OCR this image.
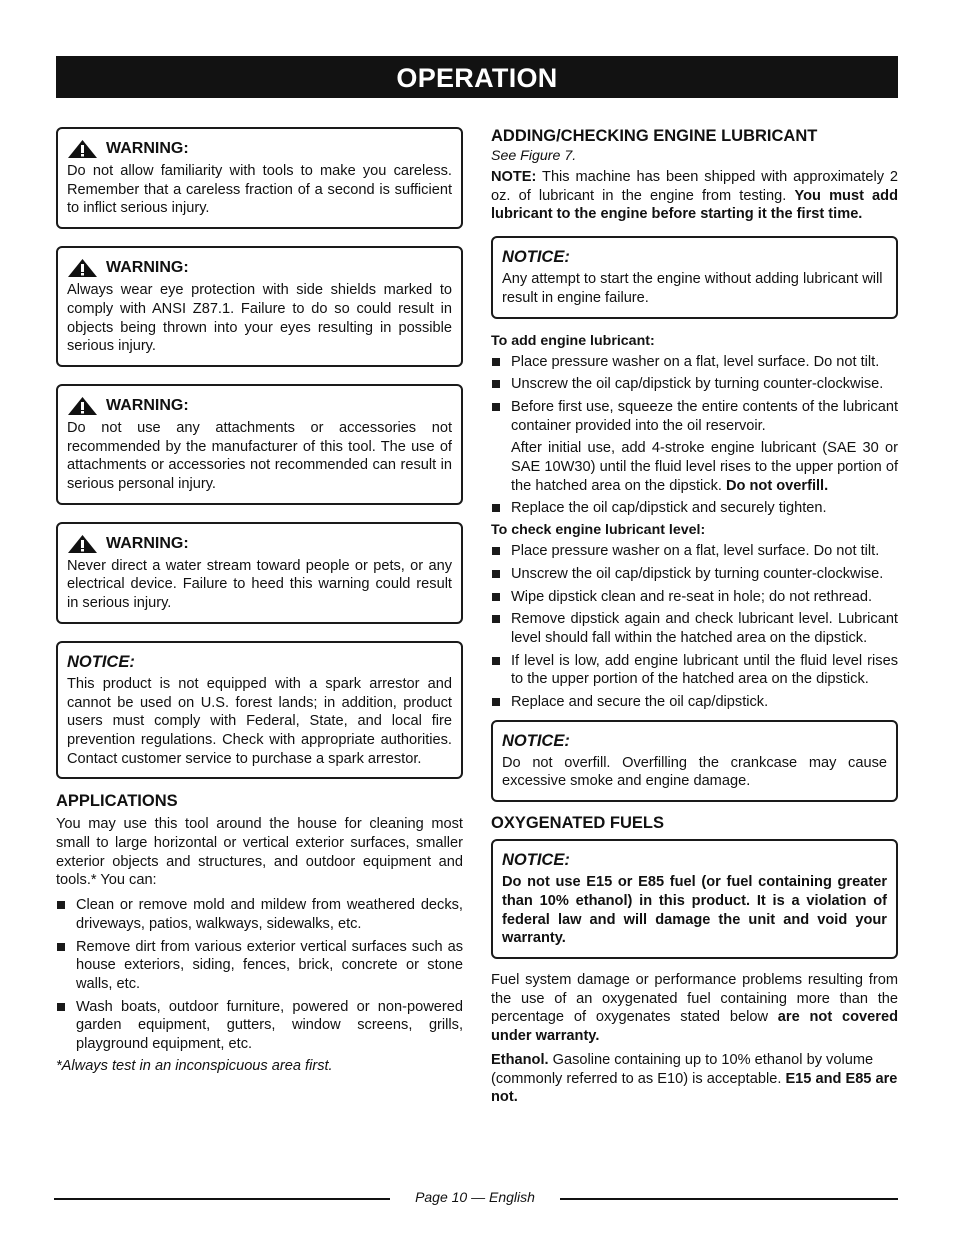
OPERATION
WARNING:

Do not allow familiarity with tools to make you careless. Remember that a careless fraction of a second is sufficient to inflict serious injury.

WARNING:

Always wear eye protection with side shields marked to comply with ANSI Z87.1. Failure to do so could result in objects being thrown into your eyes resulting in possible serious injury.

WARNING:

Do not use any attachments or accessories not recommended by the manufacturer of this tool. The use of attachments or accessories not recommended can result in serious personal injury.

WARNING:

Never direct a water stream toward people or pets, or any electrical device. Failure to heed this warning could result in serious injury.

NOTICE:

This product is not equipped with a spark arrestor and cannot be used on U.S. forest lands; in addition, product users must comply with Federal, State, and local fire prevention regulations. Check with appropriate authorities. Contact customer service to purchase a spark arrestor.

APPLICATIONS

You may use this tool around the house for cleaning most small to large horizontal or vertical exterior surfaces, smaller exterior objects and structures, and outdoor equipment and tools.* You can:

Clean or remove mold and mildew from weathered decks, driveways, patios, walkways, sidewalks, etc.
Remove dirt from various exterior vertical surfaces such as house exteriors, siding, fences, brick, concrete or stone walls, etc.
Wash boats, outdoor furniture, powered or non-powered garden equipment, gutters, window screens, grills, playground equipment, etc.

*Always test in an inconspicuous area first.

ADDING/CHECKING ENGINE LUBRICANT

See Figure 7.

NOTE: This machine has been shipped with approximately 2 oz. of lubricant in the engine from testing. You must add lubricant to the engine before starting it the first time.

NOTICE:

Any attempt to start the engine without adding lubricant will result in engine failure.

To add engine lubricant:

Place pressure washer on a flat, level surface. Do not tilt.
Unscrew the oil cap/dipstick by turning counter-clockwise.
Before first use, squeeze the entire contents of the lubricant container provided into the oil reservoir.
After initial use, add 4-stroke engine lubricant (SAE 30 or SAE 10W30) until the fluid level rises to the upper portion of the hatched area on the dipstick. Do not overfill.
Replace the oil cap/dipstick and securely tighten.

To check engine lubricant level:

Place pressure washer on a flat, level surface. Do not tilt.
Unscrew the oil cap/dipstick by turning counter-clockwise.
Wipe dipstick clean and re-seat in hole; do not rethread.
Remove dipstick again and check lubricant level. Lubricant level should fall within the hatched area on the dipstick.
If level is low, add engine lubricant until the fluid level rises to the upper portion of the hatched area on the dipstick.
Replace and secure the oil cap/dipstick.
NOTICE:

Do not overfill. Overfilling the crankcase may cause excessive smoke and engine damage.

OXYGENATED FUELS
NOTICE:

Do not use E15 or E85 fuel (or fuel containing greater than 10% ethanol) in this product. It is a violation of federal law and will damage the unit and void your warranty.

Fuel system damage or performance problems resulting from the use of an oxygenated fuel containing more than the percentage of oxygenates stated below are not covered under warranty.

Ethanol. Gasoline containing up to 10% ethanol by volume (commonly referred to as E10) is acceptable. E15 and E85 are not.

Page 10 — English
